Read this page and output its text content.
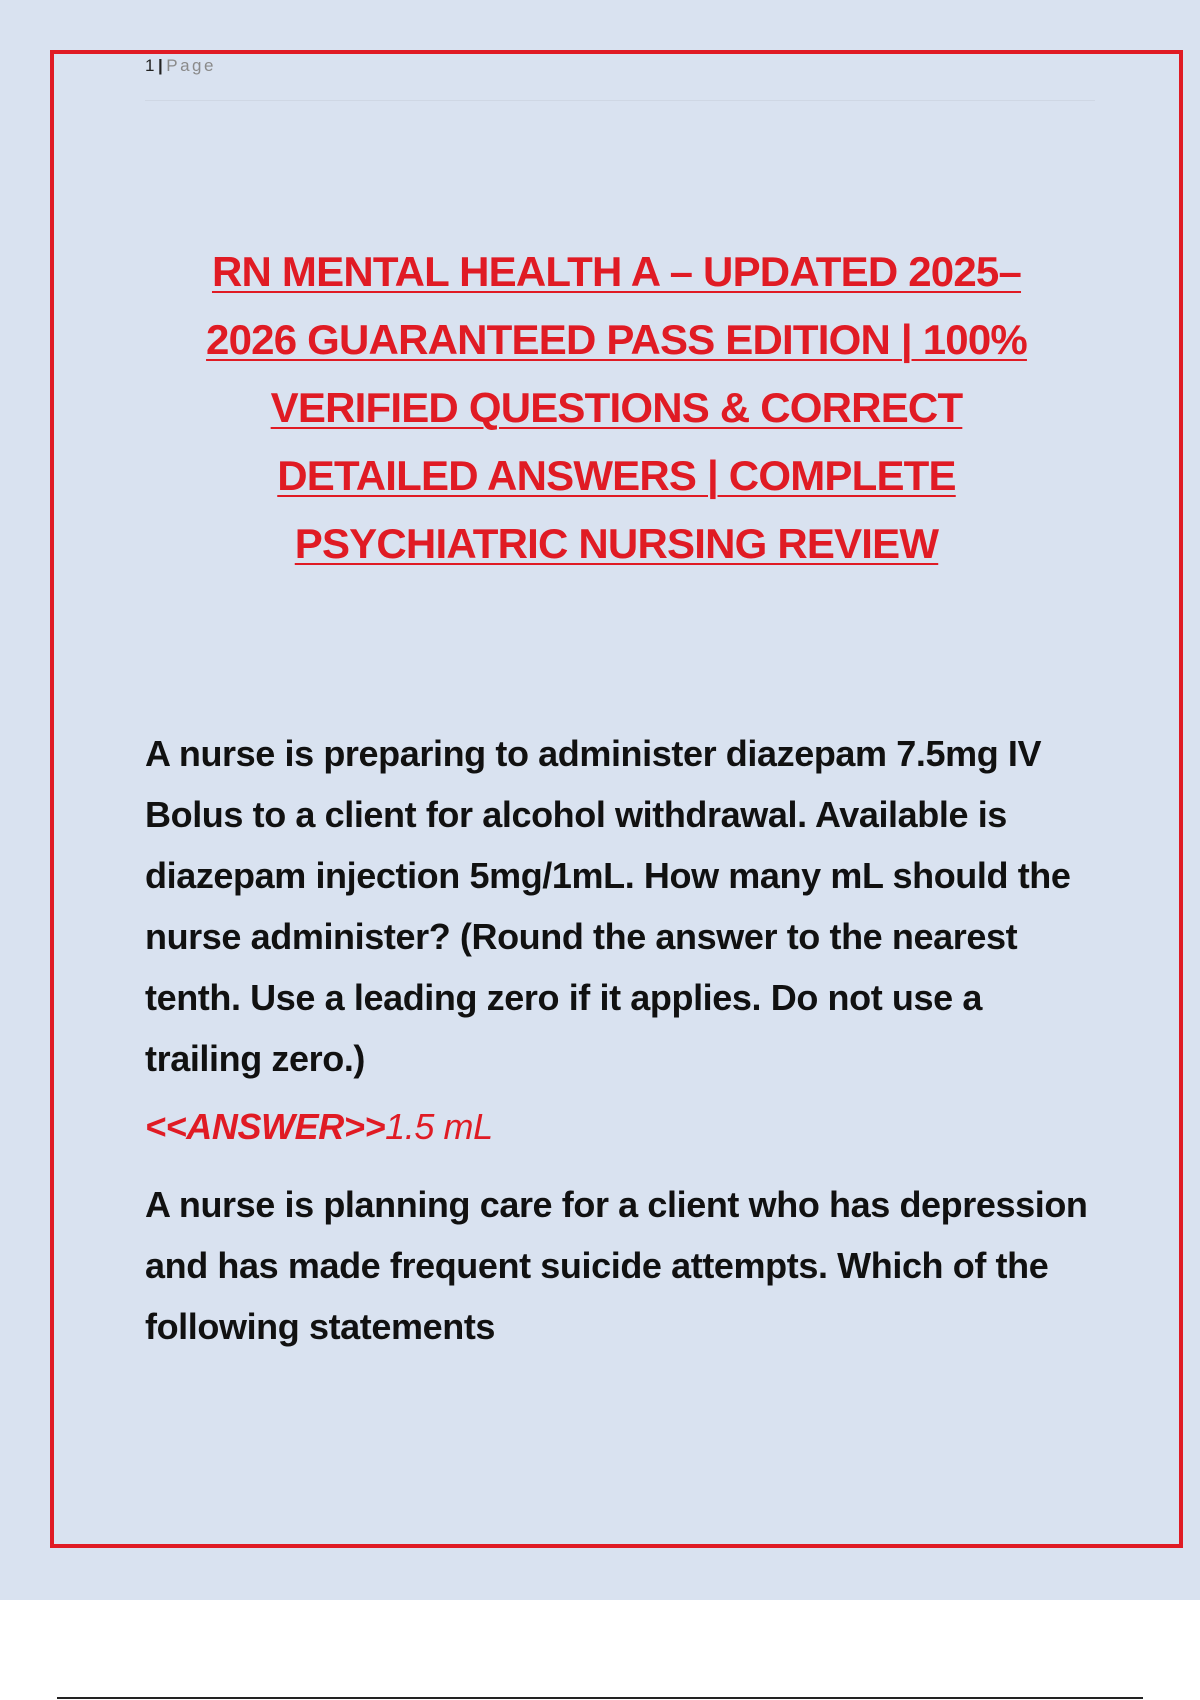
1 | Page
RN MENTAL HEALTH A – UPDATED 2025–
2026 GUARANTEED PASS EDITION | 100%
VERIFIED QUESTIONS & CORRECT
DETAILED ANSWERS | COMPLETE
PSYCHIATRIC NURSING REVIEW

A nurse is preparing to administer diazepam 7.5mg IV Bolus to a client for alcohol withdrawal. Available is diazepam injection 5mg/1mL. How many mL should the nurse administer? (Round the answer to the nearest tenth. Use a leading zero if it applies. Do not use a trailing zero.)

<<ANSWER>>1.5 mL

A nurse is planning care for a client who has depression and has made frequent suicide attempts. Which of the following statements
